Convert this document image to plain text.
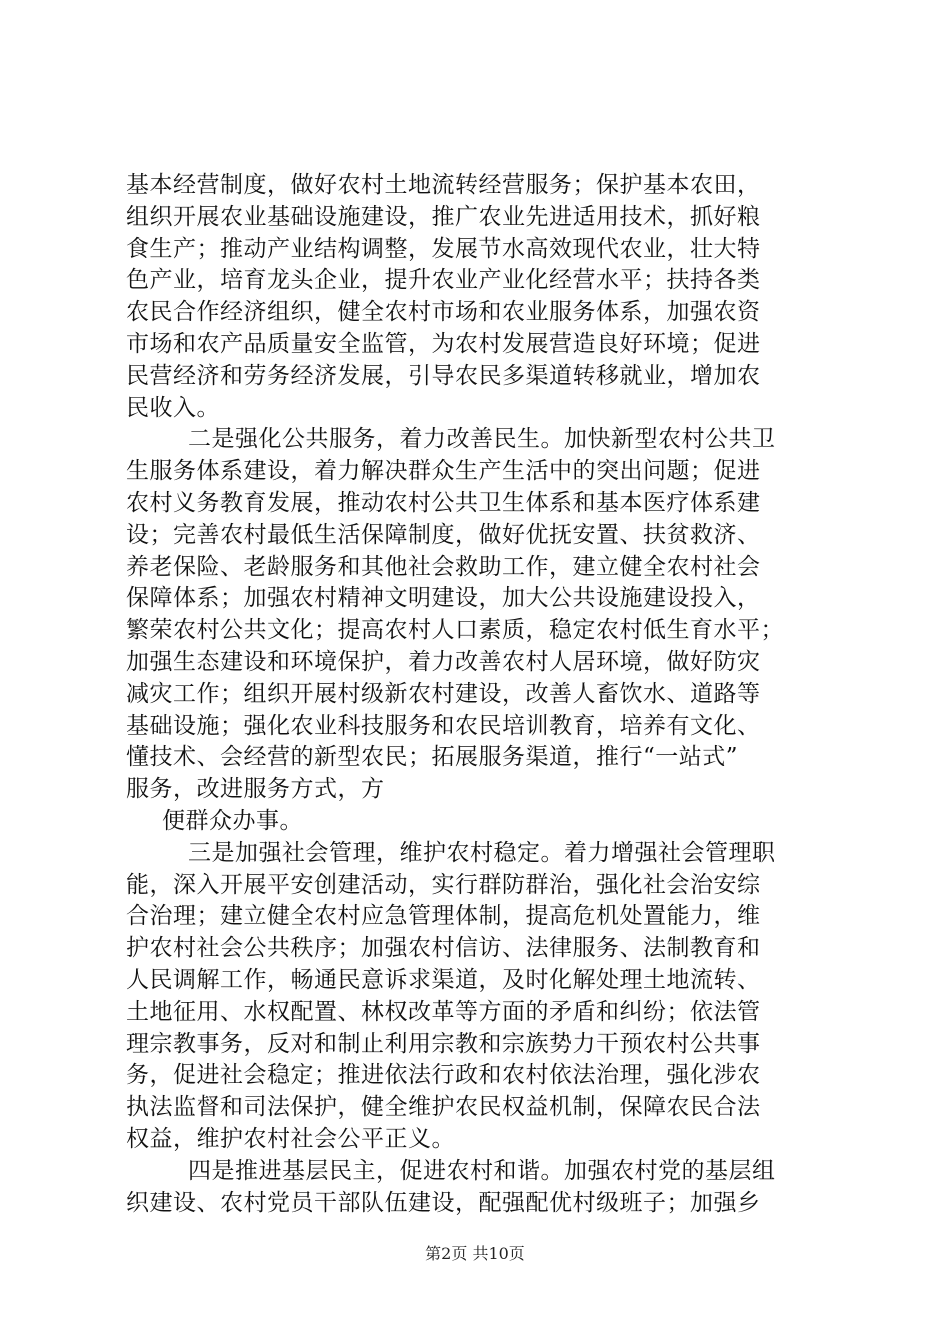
基本经营制度，做好农村土地流转经营服务；保护基本农田，
组织开展农业基础设施建设，推广农业先进适用技术，抓好粮
食生产；推动产业结构调整，发展节水高效现代农业，壮大特
色产业，培育龙头企业，提升农业产业化经营水平；扶持各类
农民合作经济组织，健全农村市场和农业服务体系，加强农资
市场和农产品质量安全监管，为农村发展营造良好环境；促进
民营经济和劳务经济发展，引导农民多渠道转移就业，增加农
民收入。
二是强化公共服务，着力改善民生。加快新型农村公共卫
生服务体系建设，着力解决群众生产生活中的突出问题；促进
农村义务教育发展，推动农村公共卫生体系和基本医疗体系建
设；完善农村最低生活保障制度，做好优抚安置、扶贫救济、
养老保险、老龄服务和其他社会救助工作，建立健全农村社会
保障体系；加强农村精神文明建设，加大公共设施建设投入，
繁荣农村公共文化；提高农村人口素质，稳定农村低生育水平；
加强生态建设和环境保护，着力改善农村人居环境，做好防灾
减灾工作；组织开展村级新农村建设，改善人畜饮水、道路等
基础设施；强化农业科技服务和农民培训教育，培养有文化、
懂技术、会经营的新型农民；拓展服务渠道，推行“一站式”
服务，改进服务方式，方
便群众办事。
三是加强社会管理，维护农村稳定。着力增强社会管理职
能，深入开展平安创建活动，实行群防群治，强化社会治安综
合治理；建立健全农村应急管理体制，提高危机处置能力，维
护农村社会公共秩序；加强农村信访、法律服务、法制教育和
人民调解工作，畅通民意诉求渠道，及时化解处理土地流转、
土地征用、水权配置、林权改革等方面的矛盾和纠纷；依法管
理宗教事务，反对和制止利用宗教和宗族势力干预农村公共事
务，促进社会稳定；推进依法行政和农村依法治理，强化涉农
执法监督和司法保护，健全维护农民权益机制，保障农民合法
权益，维护农村社会公平正义。
四是推进基层民主，促进农村和谐。加强农村党的基层组
织建设、农村党员干部队伍建设，配强配优村级班子；加强乡
第2页 共10页
